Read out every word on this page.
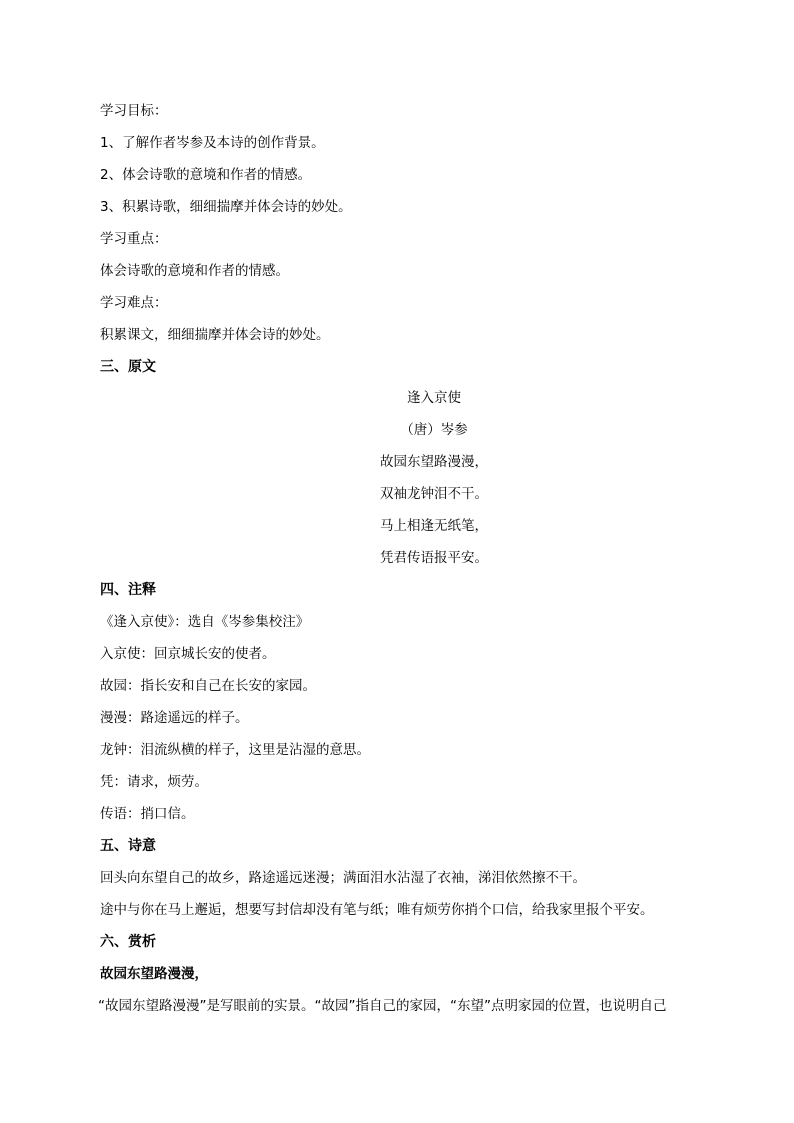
学习目标：
1、了解作者岑参及本诗的创作背景。
2、体会诗歌的意境和作者的情感。
3、积累诗歌，细细揣摩并体会诗的妙处。
学习重点：
体会诗歌的意境和作者的情感。
学习难点：
积累课文，细细揣摩并体会诗的妙处。
三、原文
逢入京使
（唐）岑参
故园东望路漫漫，
双袖龙钟泪不干。
马上相逢无纸笔，
凭君传语报平安。
四、注释
《逢入京使》：选自《岑参集校注》
入京使：回京城长安的使者。
故园：指长安和自己在长安的家园。
漫漫：路途遥远的样子。
龙钟：泪流纵横的样子，这里是沾湿的意思。
凭：请求，烦劳。
传语：捎口信。
五、诗意
回头向东望自己的故乡，路途遥远迷漫；满面泪水沾湿了衣袖，涕泪依然擦不干。
途中与你在马上邂逅，想要写封信却没有笔与纸；唯有烦劳你捎个口信，给我家里报个平安。
六、赏析
故园东望路漫漫，
“故园东望路漫漫”是写眼前的实景。“故园”指自己的家园，“东望”点明家园的位置，也说明自己
